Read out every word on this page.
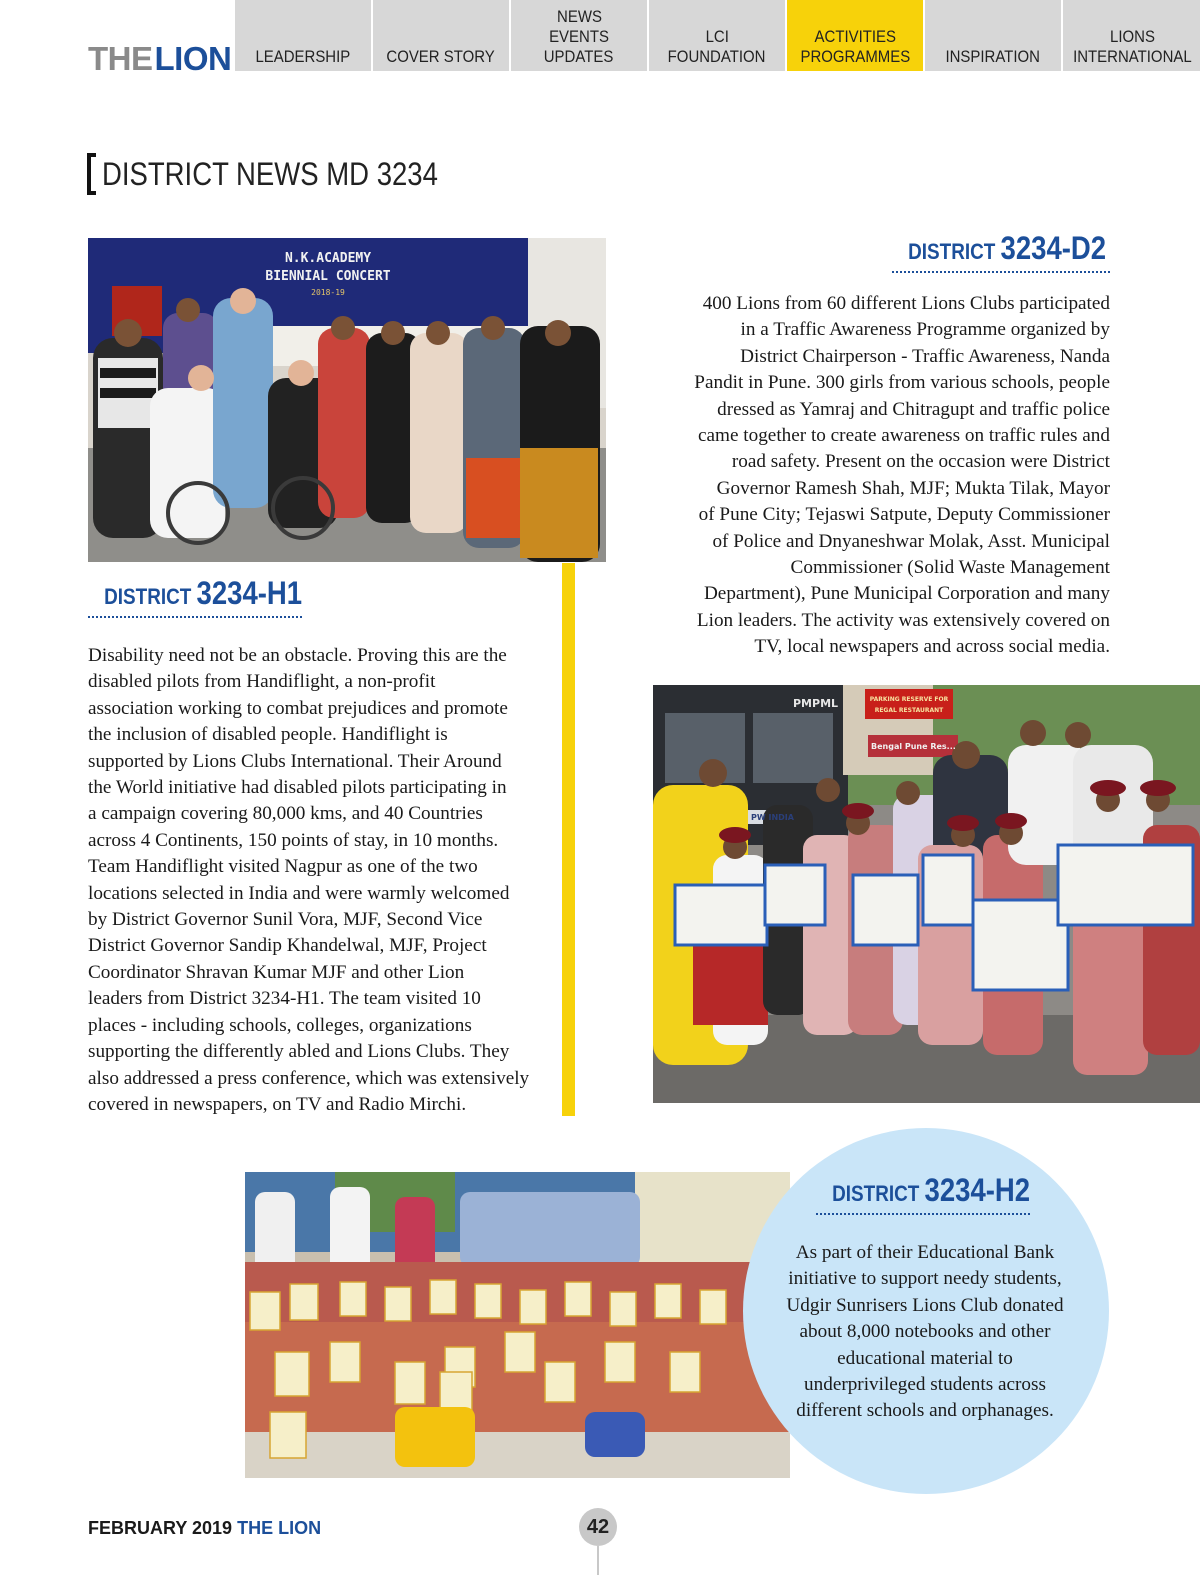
THELION LEADERSHIP COVER STORY
NEWS
EVENTS
UPDATES
LCI
FOUNDATION
ACTIVITIES
PROGRAMMES INSPIRATION
LIONS
INTERNATIONAL
DISTRICT NEWS MD 3234
N.K.ACADEMY
BIENNIAL CONCERT
2018-19
DISTRICT 3234-H1
Disability need not be an obstacle. Proving this are the
disabled pilots from Handiflight, a non-profit
association working to combat prejudices and promote
the inclusion of disabled people. Handiflight is
supported by Lions Clubs International. Their Around
the World initiative had disabled pilots participating in
a campaign covering 80,000 kms, and 40 Countries
across 4 Continents, 150 points of stay, in 10 months.
Team Handiflight visited Nagpur as one of the two
locations selected in India and were warmly welcomed
by District Governor Sunil Vora, MJF, Second Vice
District Governor Sandip Khandelwal, MJF, Project
Coordinator Shravan Kumar MJF and other Lion
leaders from District 3234-H1. The team visited 10
places - including schools, colleges, organizations
supporting the differently abled and Lions Clubs. They
also addressed a press conference, which was extensively
covered in newspapers, on TV and Radio Mirchi.
DISTRICT 3234-D2
400 Lions from 60 different Lions Clubs participated
in a Traffic Awareness Programme organized by
District Chairperson - Traffic Awareness, Nanda
Pandit in Pune. 300 girls from various schools, people
dressed as Yamraj and Chitragupt and traffic police
came together to create awareness on traffic rules and
road safety. Present on the occasion were District
Governor Ramesh Shah, MJF; Mukta Tilak, Mayor
of Pune City; Tejaswi Satpute, Deputy Commissioner
of Police and Dnyaneshwar Molak, Asst. Municipal
Commissioner (Solid Waste Management
Department), Pune Municipal Corporation and many
Lion leaders. The activity was extensively covered on
TV, local newspapers and across social media.
PMPML	PARKING RESERVE FOR
REGAL RESTAURANT
Bengal Pune Res...
PW INDIA
DISTRICT 3234-H2
As part of their Educational Bank
initiative to support needy students,
Udgir Sunrisers Lions Club donated
about 8,000 notebooks and other
educational material to
underprivileged students across
different schools and orphanages.
FEBRUARY 2019 THE LION	42
